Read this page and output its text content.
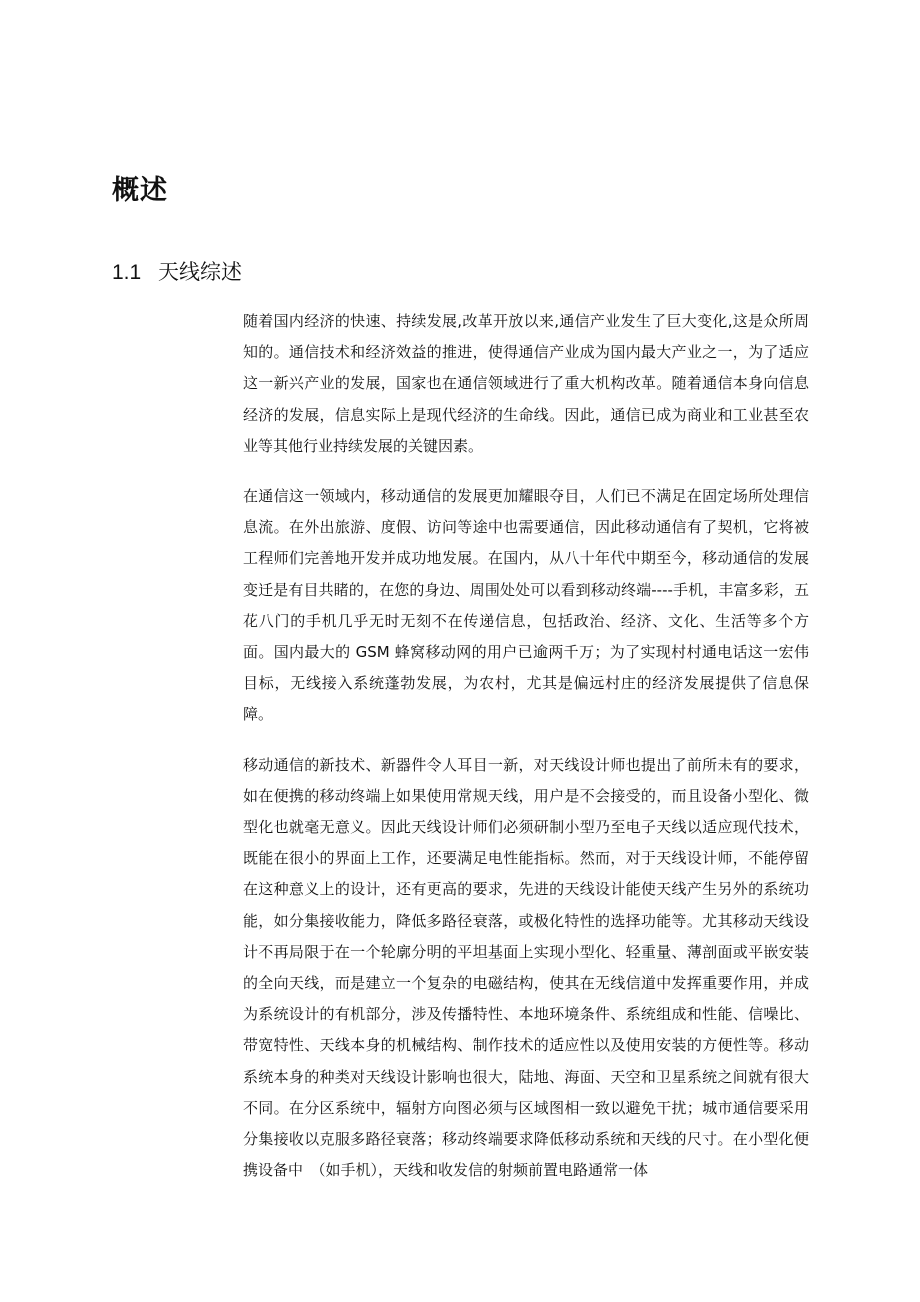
概述
1.1 天线综述

随着国内经济的快速、持续发展,改革开放以来,通信产业发生了巨大变化,这是众所周知的。通信技术和经济效益的推进，使得通信产业成为国内最大产业之一，为了适应这一新兴产业的发展，国家也在通信领域进行了重大机构改革。随着通信本身向信息经济的发展，信息实际上是现代经济的生命线。因此，通信已成为商业和工业甚至农业等其他行业持续发展的关键因素。

在通信这一领域内，移动通信的发展更加耀眼夺目，人们已不满足在固定场所处理信息流。在外出旅游、度假、访问等途中也需要通信，因此移动通信有了契机，它将被工程师们完善地开发并成功地发展。在国内，从八十年代中期至今，移动通信的发展变迁是有目共睹的，在您的身边、周围处处可以看到移动终端----手机，丰富多彩，五花八门的手机几乎无时无刻不在传递信息，包括政治、经济、文化、生活等多个方面。国内最大的 GSM 蜂窝移动网的用户已逾两千万；为了实现村村通电话这一宏伟目标，无线接入系统蓬勃发展，为农村，尤其是偏远村庄的经济发展提供了信息保障。

移动通信的新技术、新器件令人耳目一新，对天线设计师也提出了前所未有的要求，如在便携的移动终端上如果使用常规天线，用户是不会接受的，而且设备小型化、微型化也就毫无意义。因此天线设计师们必须研制小型乃至电子天线以适应现代技术，既能在很小的界面上工作，还要满足电性能指标。然而，对于天线设计师，不能停留在这种意义上的设计，还有更高的要求，先进的天线设计能使天线产生另外的系统功能，如分集接收能力，降低多路径衰落，或极化特性的选择功能等。尤其移动天线设计不再局限于在一个轮廓分明的平坦基面上实现小型化、轻重量、薄剖面或平嵌安装的全向天线，而是建立一个复杂的电磁结构，使其在无线信道中发挥重要作用，并成为系统设计的有机部分，涉及传播特性、本地环境条件、系统组成和性能、信噪比、带宽特性、天线本身的机械结构、制作技术的适应性以及使用安装的方便性等。移动系统本身的种类对天线设计影响也很大，陆地、海面、天空和卫星系统之间就有很大不同。在分区系统中，辐射方向图必须与区域图相一致以避免干扰；城市通信要采用分集接收以克服多路径衰落；移动终端要求降低移动系统和天线的尺寸。在小型化便携设备中　（如手机），天线和收发信的射频前置电路通常一体
